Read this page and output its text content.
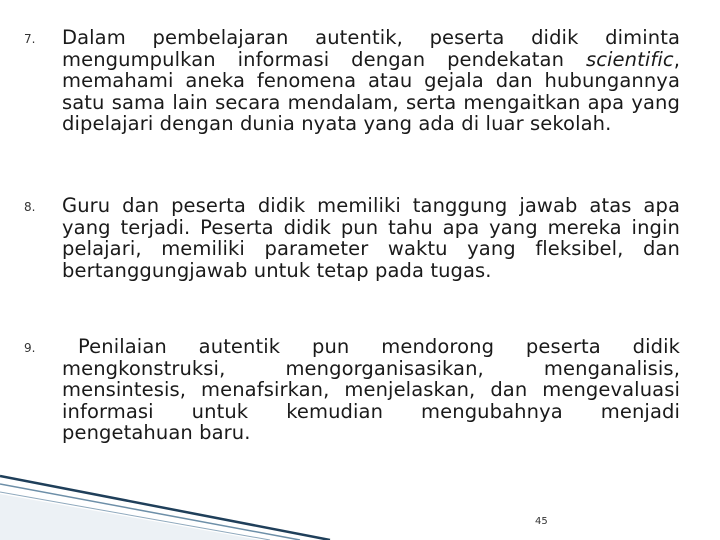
7. Dalam pembelajaran autentik, peserta didik diminta mengumpulkan informasi dengan pendekatan scientific, memahami aneka fenomena atau gejala dan hubungannya satu sama lain secara mendalam, serta mengaitkan apa yang dipelajari dengan dunia nyata yang ada di luar sekolah.
8. Guru dan peserta didik memiliki tanggung jawab atas apa yang terjadi. Peserta didik pun tahu apa yang mereka ingin pelajari, memiliki parameter waktu yang fleksibel, dan bertanggungjawab untuk tetap pada tugas.
9.	Penilaian autentik pun mendorong peserta didik mengkonstruksi, mengorganisasikan, menganalisis, mensintesis, menafsirkan, menjelaskan, dan mengevaluasi informasi untuk kemudian mengubahnya menjadi pengetahuan baru.
45
